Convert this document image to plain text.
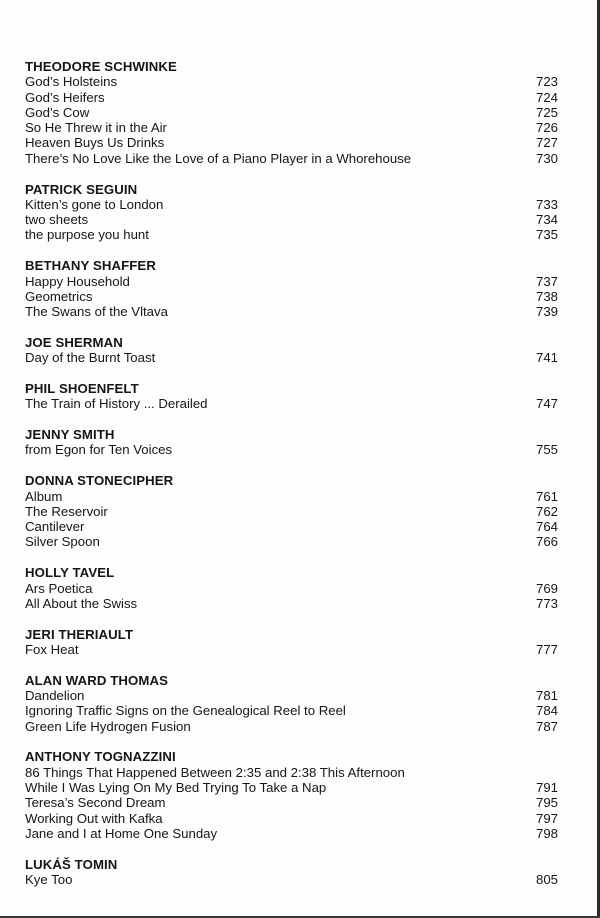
THEODORE SCHWINKE
God’s Holsteins	723
God’s Heifers	724
God’s Cow	725
So He Threw it in the Air	726
Heaven Buys Us Drinks	727
There’s No Love Like the Love of a Piano Player in a Whorehouse	730
PATRICK SEGUIN
Kitten’s gone to London	733
two sheets	734
the purpose you hunt	735
BETHANY SHAFFER
Happy Household	737
Geometrics	738
The Swans of the Vltava	739
JOE SHERMAN
Day of the Burnt Toast	741
PHIL SHOENFELT
The Train of History ... Derailed	747
JENNY SMITH
from Egon for Ten Voices	755
DONNA STONECIPHER
Album	761
The Reservoir	762
Cantilever	764
Silver Spoon	766
HOLLY TAVEL
Ars Poetica	769
All About the Swiss	773
JERI THERIAULT
Fox Heat	777
ALAN WARD THOMAS
Dandelion	781
Ignoring Traffic Signs on the Genealogical Reel to Reel	784
Green Life Hydrogen Fusion	787
ANTHONY TOGNAZZINI
86 Things That Happened Between 2:35 and 2:38 This Afternoon
While I Was Lying On My Bed Trying To Take a Nap	791
Teresa’s Second Dream	795
Working Out with Kafka	797
Jane and I at Home One Sunday	798
LUKÁŠ TOMIN
Kye Too	805
